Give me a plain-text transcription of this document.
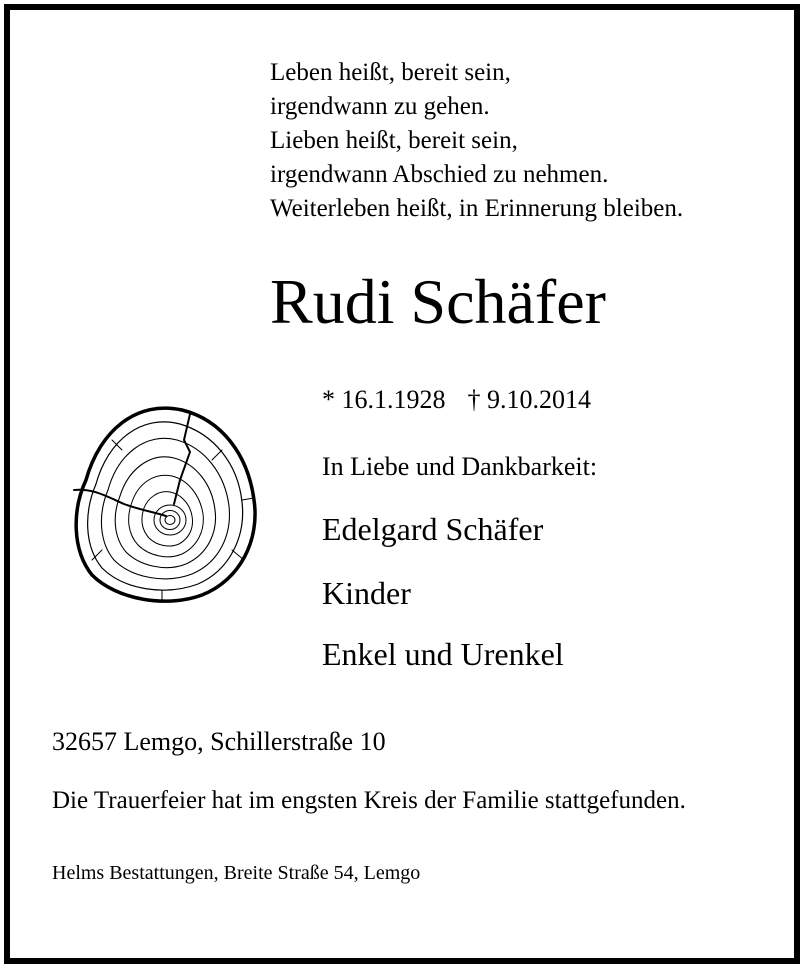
Leben heißt, bereit sein,
irgendwann zu gehen.
Lieben heißt, bereit sein,
irgendwann Abschied zu nehmen.
Weiterleben heißt, in Erinnerung bleiben.
Rudi Schäfer
* 16.1.1928 † 9.10.2014
In Liebe und Dankbarkeit:
Edelgard Schäfer
Kinder
Enkel und Urenkel
32657 Lemgo, Schillerstraße 10
Die Trauerfeier hat im engsten Kreis der Familie stattgefunden.
Helms Bestattungen, Breite Straße 54, Lemgo
